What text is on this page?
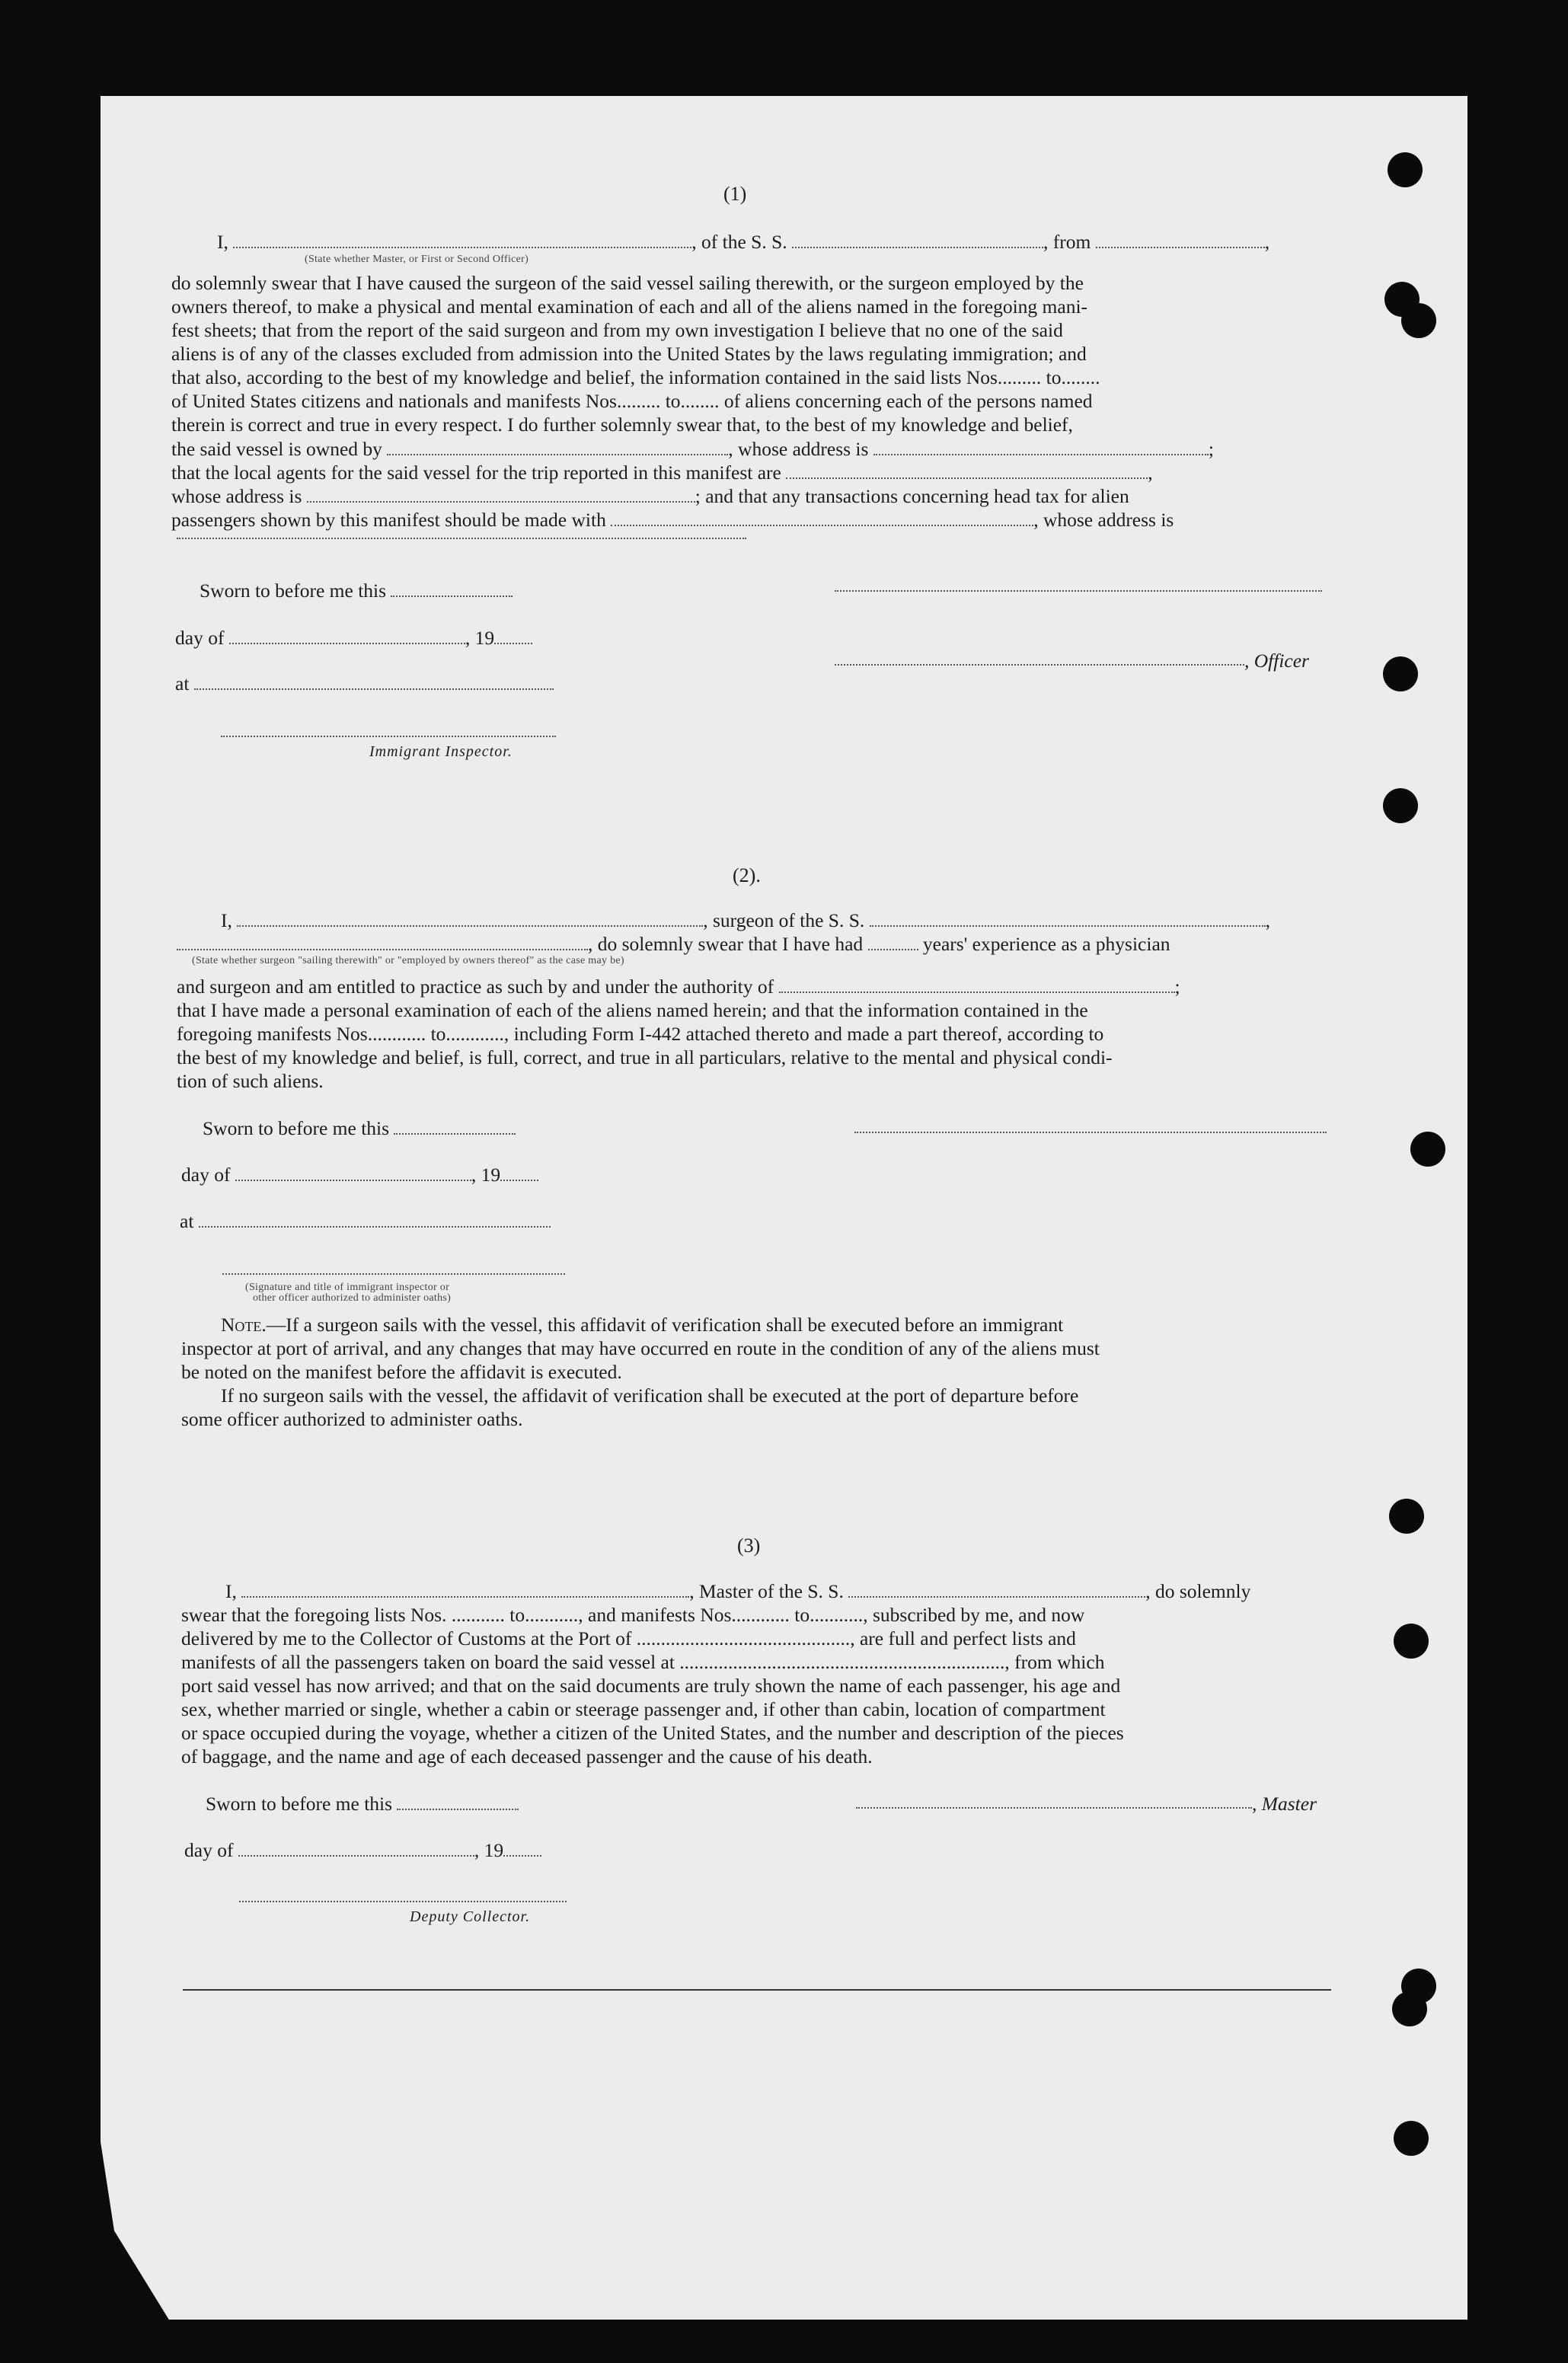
(1)
I,	, of the S. S.	, from	,
(State whether Master, or First or Second Officer)
do solemnly swear that I have caused the surgeon of the said vessel sailing therewith, or the surgeon employed by the
owners thereof, to make a physical and mental examination of each and all of the aliens named in the foregoing mani-
fest sheets; that from the report of the said surgeon and from my own investigation I believe that no one of the said
aliens is of any of the classes excluded from admission into the United States by the laws regulating immigration; and
that also, according to the best of my knowledge and belief, the information contained in the said lists Nos......... to........
of United States citizens and nationals and manifests Nos......... to........ of aliens concerning each of the persons named
therein is correct and true in every respect. I do further solemnly swear that, to the best of my knowledge and belief,
the said vessel is owned by	, whose address is	;
that the local agents for the said vessel for the trip reported in this manifest are	,
whose address is	; and that any transactions concerning head tax for alien
passengers shown by this manifest should be made with	, whose address is
Sworn to before me this
day of	, 19
, Officer
at
Immigrant Inspector.
(2).
I,	, surgeon of the S. S.	,
, do solemnly swear that I have had	years' experience as a physician
(State whether surgeon "sailing therewith" or "employed by owners thereof" as the case may be)
and surgeon and am entitled to practice as such by and under the authority of	;
that I have made a personal examination of each of the aliens named herein; and that the information contained in the
foregoing manifests Nos............ to............, including Form I-442 attached thereto and made a part thereof, according to
the best of my knowledge and belief, is full, correct, and true in all particulars, relative to the mental and physical condi-
tion of such aliens.
Sworn to before me this
day of	, 19
at
(Signature and title of immigrant inspector or
other officer authorized to administer oaths)
Note.—If a surgeon sails with the vessel, this affidavit of verification shall be executed before an immigrant
inspector at port of arrival, and any changes that may have occurred en route in the condition of any of the aliens must
be noted on the manifest before the affidavit is executed.
If no surgeon sails with the vessel, the affidavit of verification shall be executed at the port of departure before
some officer authorized to administer oaths.
(3)
I,	, Master of the S. S.	, do solemnly
swear that the foregoing lists Nos. ........... to..........., and manifests Nos............ to..........., subscribed by me, and now
delivered by me to the Collector of Customs at the Port of ............................................, are full and perfect lists and
manifests of all the passengers taken on board the said vessel at ..................................................................., from which
port said vessel has now arrived; and that on the said documents are truly shown the name of each passenger, his age and
sex, whether married or single, whether a cabin or steerage passenger and, if other than cabin, location of compartment
or space occupied during the voyage, whether a citizen of the United States, and the number and description of the pieces
of baggage, and the name and age of each deceased passenger and the cause of his death.
Sworn to before me this	, Master
day of	, 19
Deputy Collector.
